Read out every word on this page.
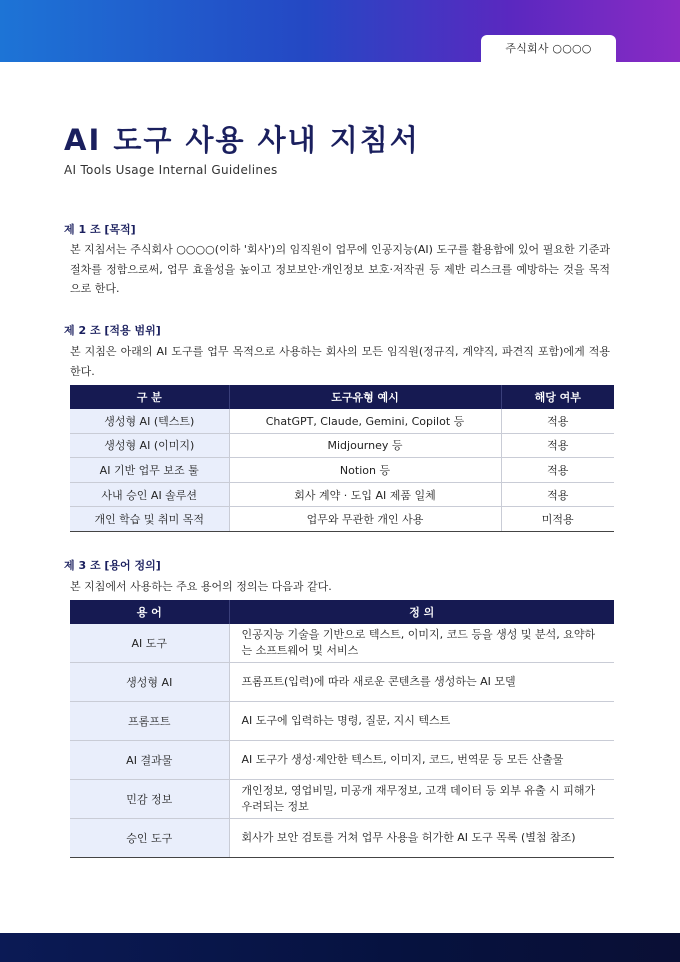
주식회사 ○○○○
AI 도구 사용 사내 지침서
AI Tools Usage Internal Guidelines
제 1 조 [목적]
본 지침서는 주식회사 ○○○○(이하 '회사')의 임직원이 업무에 인공지능(AI) 도구를 활용함에 있어 필요한 기준과 절차를 정함으로써, 업무 효율성을 높이고 정보보안·개인정보 보호·저작권 등 제반 리스크를 예방하는 것을 목적으로 한다.
제 2 조 [적용 범위]
본 지침은 아래의 AI 도구를 업무 목적으로 사용하는 회사의 모든 임직원(정규직, 계약직, 파견직 포함)에게 적용한다.
구 분	도구유형 예시	해당 여부
생성형 AI (텍스트)	ChatGPT, Claude, Gemini, Copilot 등	적용
생성형 AI (이미지)	Midjourney 등	적용
AI 기반 업무 보조 툴	Notion 등	적용
사내 승인 AI 솔루션	회사 계약 · 도입 AI 제품 일체	적용
개인 학습 및 취미 목적	업무와 무관한 개인 사용	미적용
제 3 조 [용어 정의]
본 지침에서 사용하는 주요 용어의 정의는 다음과 같다.
용 어	정 의
AI 도구	인공지능 기술을 기반으로 텍스트, 이미지, 코드 등을 생성 및 분석, 요약하는 소프트웨어 및 서비스
생성형 AI	프롬프트(입력)에 따라 새로운 콘텐츠를 생성하는 AI 모델
프롬프트	AI 도구에 입력하는 명령, 질문, 지시 텍스트
AI 결과물	AI 도구가 생성·제안한 텍스트, 이미지, 코드, 번역문 등 모든 산출물
민감 정보	개인정보, 영업비밀, 미공개 재무정보, 고객 데이터 등 외부 유출 시 피해가 우려되는 정보
승인 도구	회사가 보안 검토를 거쳐 업무 사용을 허가한 AI 도구 목록 (별첨 참조)
